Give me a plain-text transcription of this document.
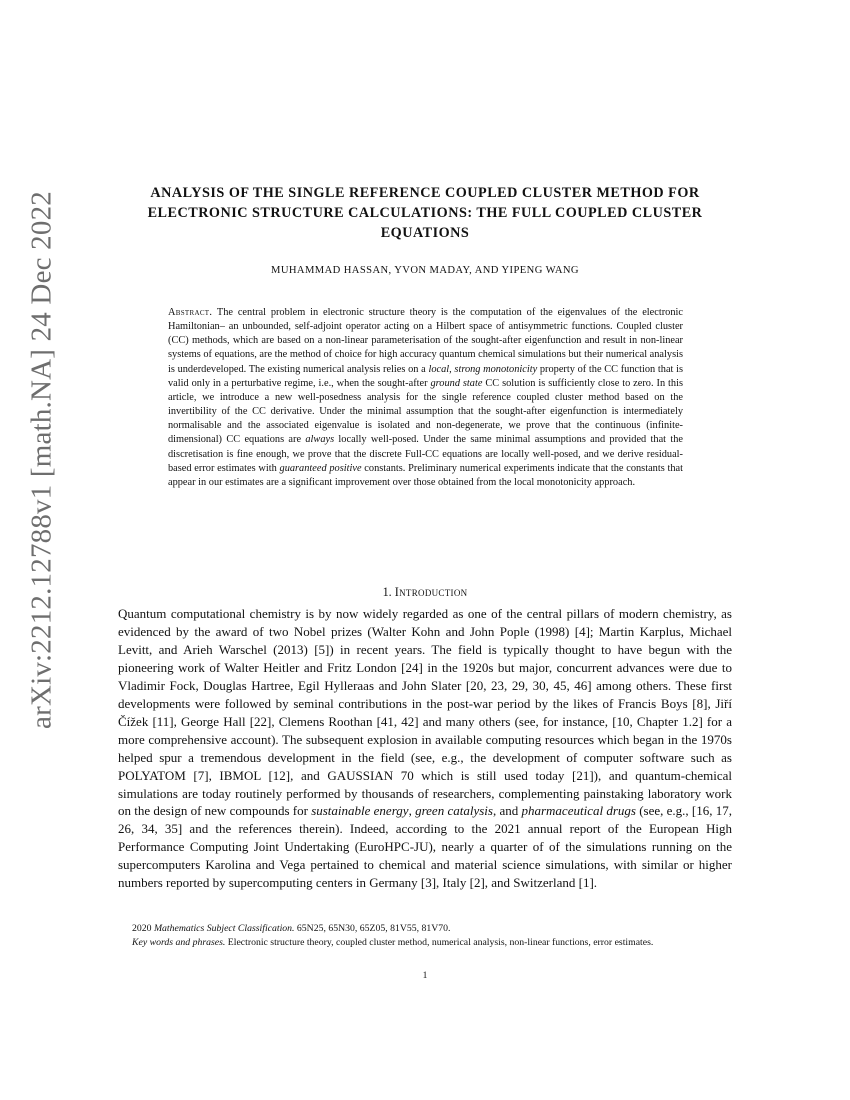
arXiv:2212.12788v1 [math.NA] 24 Dec 2022	ANALYSIS OF THE SINGLE REFERENCE COUPLED CLUSTER METHOD FOR ELECTRONIC STRUCTURE CALCULATIONS: THE FULL COUPLED CLUSTER EQUATIONS
MUHAMMAD HASSAN, YVON MADAY, AND YIPENG WANG
Abstract. The central problem in electronic structure theory is the computation of the eigenvalues of the electronic Hamiltonian– an unbounded, self-adjoint operator acting on a Hilbert space of antisymmetric functions. Coupled cluster (CC) methods, which are based on a non-linear parameterisation of the sought-after eigenfunction and result in non-linear systems of equations, are the method of choice for high accuracy quantum chemical simulations but their numerical analysis is underdeveloped. The existing numerical analysis relies on a local, strong monotonicity property of the CC function that is valid only in a perturbative regime, i.e., when the sought-after ground state CC solution is sufficiently close to zero. In this article, we introduce a new well-posedness analysis for the single reference coupled cluster method based on the invertibility of the CC derivative. Under the minimal assumption that the sought-after eigenfunction is intermediately normalisable and the associated eigenvalue is isolated and non-degenerate, we prove that the continuous (infinite-dimensional) CC equations are always locally well-posed. Under the same minimal assumptions and provided that the discretisation is fine enough, we prove that the discrete Full-CC equations are locally well-posed, and we derive residual-based error estimates with guaranteed positive constants. Preliminary numerical experiments indicate that the constants that appear in our estimates are a significant improvement over those obtained from the local monotonicity approach.
1. Introduction
Quantum computational chemistry is by now widely regarded as one of the central pillars of modern chemistry, as evidenced by the award of two Nobel prizes (Walter Kohn and John Pople (1998) [4]; Martin Karplus, Michael Levitt, and Arieh Warschel (2013) [5]) in recent years. The field is typically thought to have begun with the pioneering work of Walter Heitler and Fritz London [24] in the 1920s but major, concurrent advances were due to Vladimir Fock, Douglas Hartree, Egil Hylleraas and John Slater [20, 23, 29, 30, 45, 46] among others. These first developments were followed by seminal contributions in the post-war period by the likes of Francis Boys [8], Jiří Čížek [11], George Hall [22], Clemens Roothan [41, 42] and many others (see, for instance, [10, Chapter 1.2] for a more comprehensive account). The subsequent explosion in available computing resources which began in the 1970s helped spur a tremendous development in the field (see, e.g., the development of computer software such as POLYATOM [7], IBMOL [12], and GAUSSIAN 70 which is still used today [21]), and quantum-chemical simulations are today routinely performed by thousands of researchers, complementing painstaking laboratory work on the design of new compounds for sustainable energy, green catalysis, and pharmaceutical drugs (see, e.g., [16, 17, 26, 34, 35] and the references therein). Indeed, according to the 2021 annual report of the European High Performance Computing Joint Undertaking (EuroHPC-JU), nearly a quarter of of the simulations running on the supercomputers Karolina and Vega pertained to chemical and material science simulations, with similar or higher numbers reported by supercomputing centers in Germany [3], Italy [2], and Switzerland [1].

2020 Mathematics Subject Classification. 65N25, 65N30, 65Z05, 81V55, 81V70.

Key words and phrases. Electronic structure theory, coupled cluster method, numerical analysis, non-linear functions, error estimates.

1
